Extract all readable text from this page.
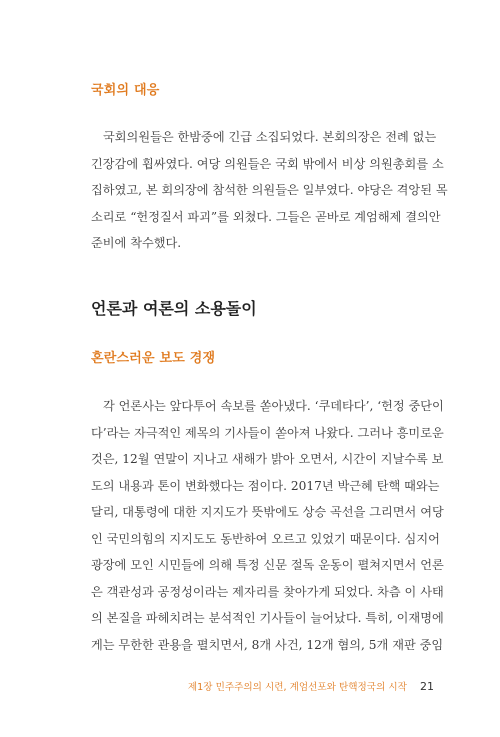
국회의 대응
국회의원들은 한밤중에 긴급 소집되었다. 본회의장은 전례 없는
긴장감에 휩싸였다. 여당 의원들은 국회 밖에서 비상 의원총회를 소
집하였고, 본 회의장에 참석한 의원들은 일부였다. 야당은 격앙된 목
소리로 “헌정질서 파괴”를 외쳤다. 그들은 곧바로 계엄해제 결의안
준비에 착수했다.
언론과 여론의 소용돌이
혼란스러운 보도 경쟁
각 언론사는 앞다투어 속보를 쏟아냈다. ‘쿠데타다’, ‘헌정 중단이
다’라는 자극적인 제목의 기사들이 쏟아져 나왔다. 그러나 흥미로운
것은, 12월 연말이 지나고 새해가 밝아 오면서, 시간이 지날수록 보
도의 내용과 톤이 변화했다는 점이다. 2017년 박근혜 탄핵 때와는
달리, 대통령에 대한 지지도가 뜻밖에도 상승 곡선을 그리면서 여당
인 국민의힘의 지지도도 동반하여 오르고 있었기 때문이다. 심지어
광장에 모인 시민들에 의해 특정 신문 절독 운동이 펼쳐지면서 언론
은 객관성과 공정성이라는 제자리를 찾아가게 되었다. 차츰 이 사태
의 본질을 파헤치려는 분석적인 기사들이 늘어났다. 특히, 이재명에
게는 무한한 관용을 펼치면서, 8개 사건, 12개 혐의, 5개 재판 중임
제1장 민주주의의 시련, 계엄선포와 탄핵정국의 시작 21
